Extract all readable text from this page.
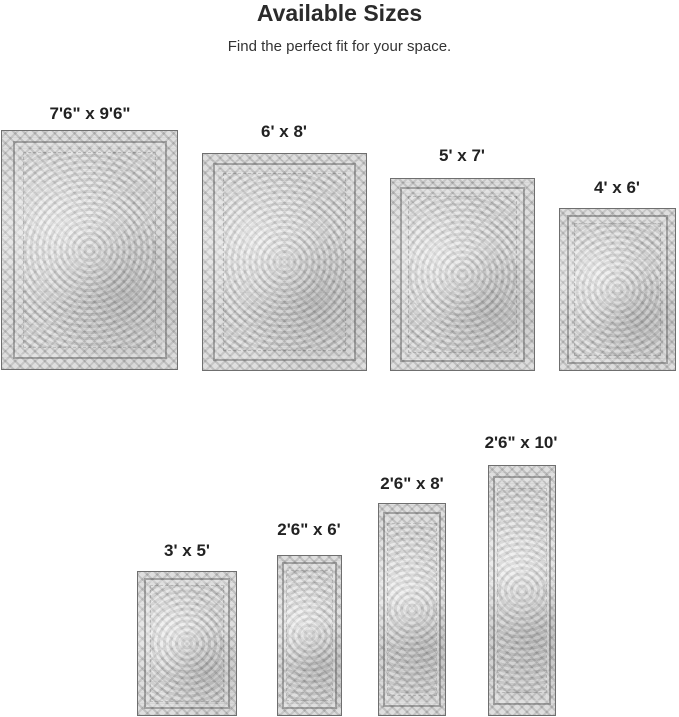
Available Sizes
Find the perfect fit for your space.
7'6" x 9'6"
6' x 8'
5' x 7'
4' x 6'
3' x 5'
2'6" x 6'
2'6" x 8'
2'6" x 10'
